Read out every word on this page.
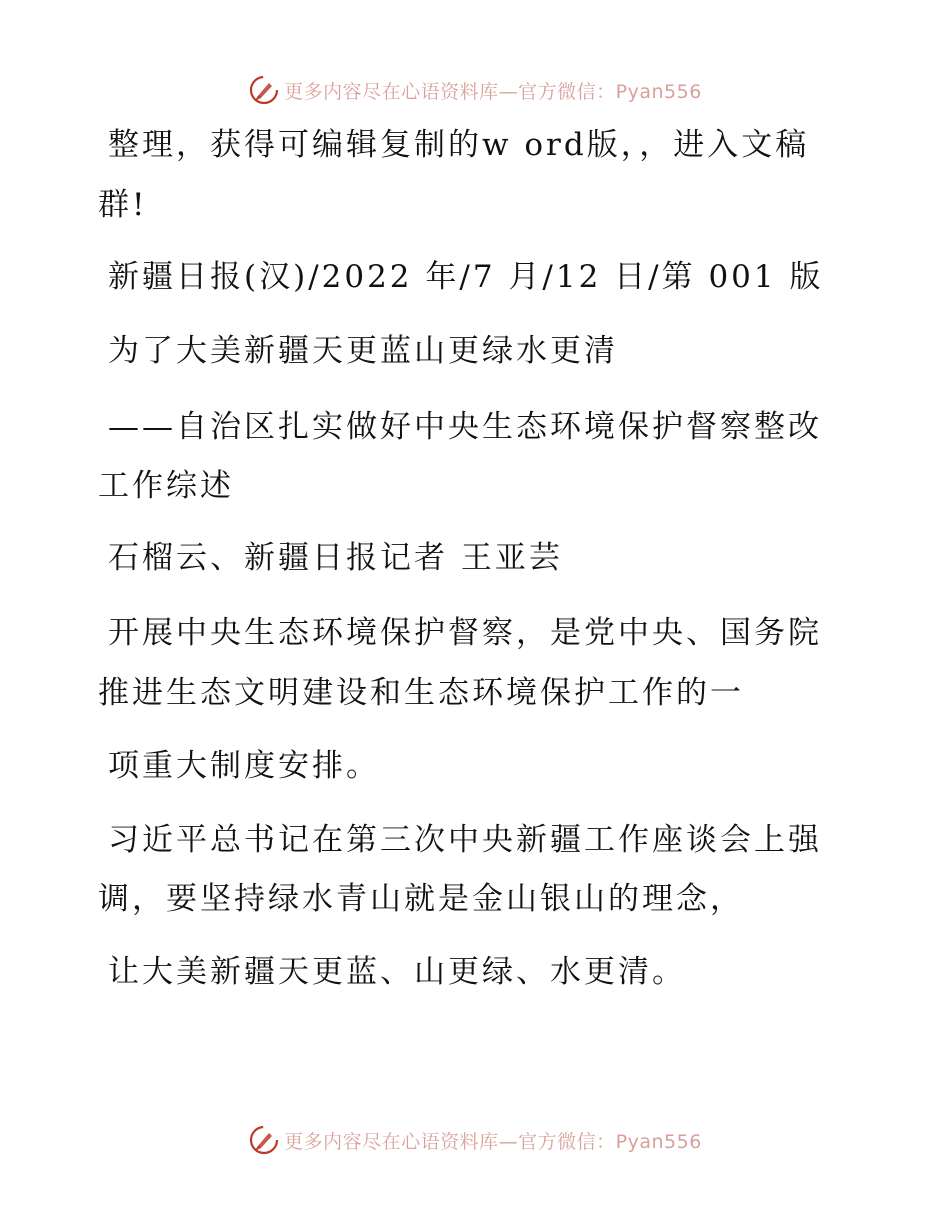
更多内容尽在心语资料库—官方微信：Pyan556
整理，获得可编辑复制的w ord版，，进入文稿
群!
新疆日报(汉)/2022 年/7 月/12 日/第 001 版
为了大美新疆天更蓝山更绿水更清
——自治区扎实做好中央生态环境保护督察整改
工作综述
石榴云、新疆日报记者 王亚芸
开展中央生态环境保护督察，是党中央、国务院
推进生态文明建设和生态环境保护工作的一
项重大制度安排。
习近平总书记在第三次中央新疆工作座谈会上强
调，要坚持绿水青山就是金山银山的理念，
让大美新疆天更蓝、山更绿、水更清。
更多内容尽在心语资料库—官方微信：Pyan556
